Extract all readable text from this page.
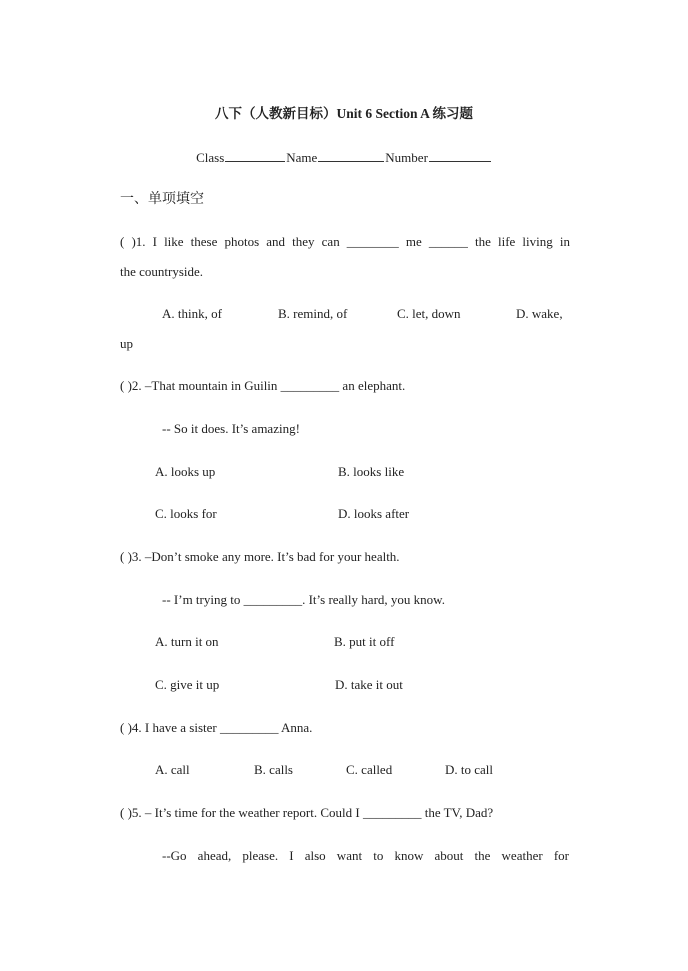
八下（人教新目标）Unit 6 Section A 练习题
Class	Name	Number
一、单项填空
( )1. I like these photos and they can ________ me ______ the life living in
the countryside.
A. think, of	B. remind, of	C. let, down	D. wake,
up
( )2. –That mountain in Guilin _________ an elephant.
-- So it does. It’s amazing!
A. looks up	B. looks like
C. looks for	D. looks after
( )3. –Don’t smoke any more. It’s bad for your health.
-- I’m trying to _________. It’s really hard, you know.
A. turn it on	B. put it off
C. give it up	D. take it out
( )4. I have a sister _________ Anna.
A. call	B. calls	C. called	D. to call
( )5. – It’s time for the weather report. Could I _________ the TV, Dad?
--Go ahead, please. I also want to know about the weather for
